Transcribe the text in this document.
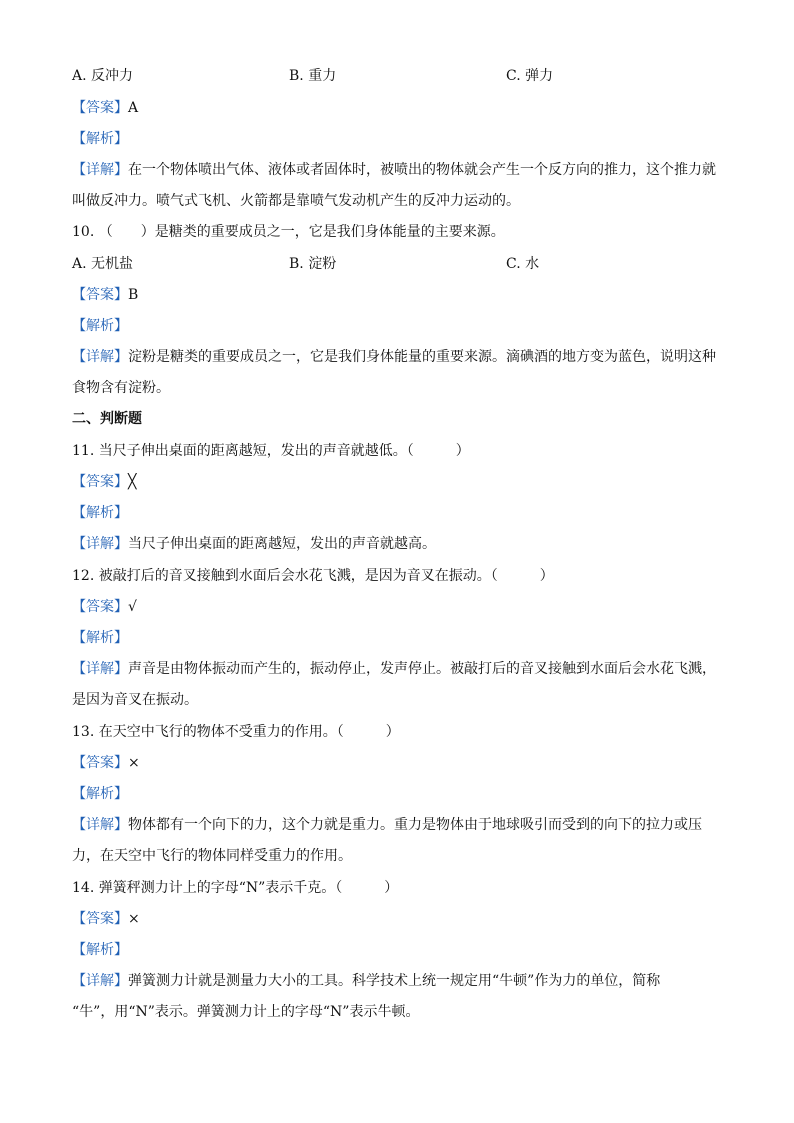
A. 反冲力	B. 重力	C. 弹力
【答案】A
【解析】
【详解】在一个物体喷出气体、液体或者固体时，被喷出的物体就会产生一个反方向的推力，这个推力就
叫做反冲力。喷气式飞机、火箭都是靠喷气发动机产生的反冲力运动的。
10. （　　）是糖类的重要成员之一，它是我们身体能量的主要来源。
A. 无机盐	B. 淀粉	C. 水
【答案】B
【解析】
【详解】淀粉是糖类的重要成员之一，它是我们身体能量的重要来源。滴碘酒的地方变为蓝色，说明这种
食物含有淀粉。
二、判断题
11. 当尺子伸出桌面的距离越短，发出的声音就越低。（　　　）
【答案】╳
【解析】
【详解】当尺子伸出桌面的距离越短，发出的声音就越高。
12. 被敲打后的音叉接触到水面后会水花飞溅，是因为音叉在振动。（　　　）
【答案】√
【解析】
【详解】声音是由物体振动而产生的，振动停止，发声停止。被敲打后的音叉接触到水面后会水花飞溅，
是因为音叉在振动。
13. 在天空中飞行的物体不受重力的作用。（　　　）
【答案】×
【解析】
【详解】物体都有一个向下的力，这个力就是重力。重力是物体由于地球吸引而受到的向下的拉力或压
力，在天空中飞行的物体同样受重力的作用。
14. 弹簧秤测力计上的字母“N”表示千克。（　　　）
【答案】×
【解析】
【详解】弹簧测力计就是测量力大小的工具。科学技术上统一规定用“牛顿”作为力的单位，简称
“牛”，用“N”表示。弹簧测力计上的字母“N”表示牛顿。
